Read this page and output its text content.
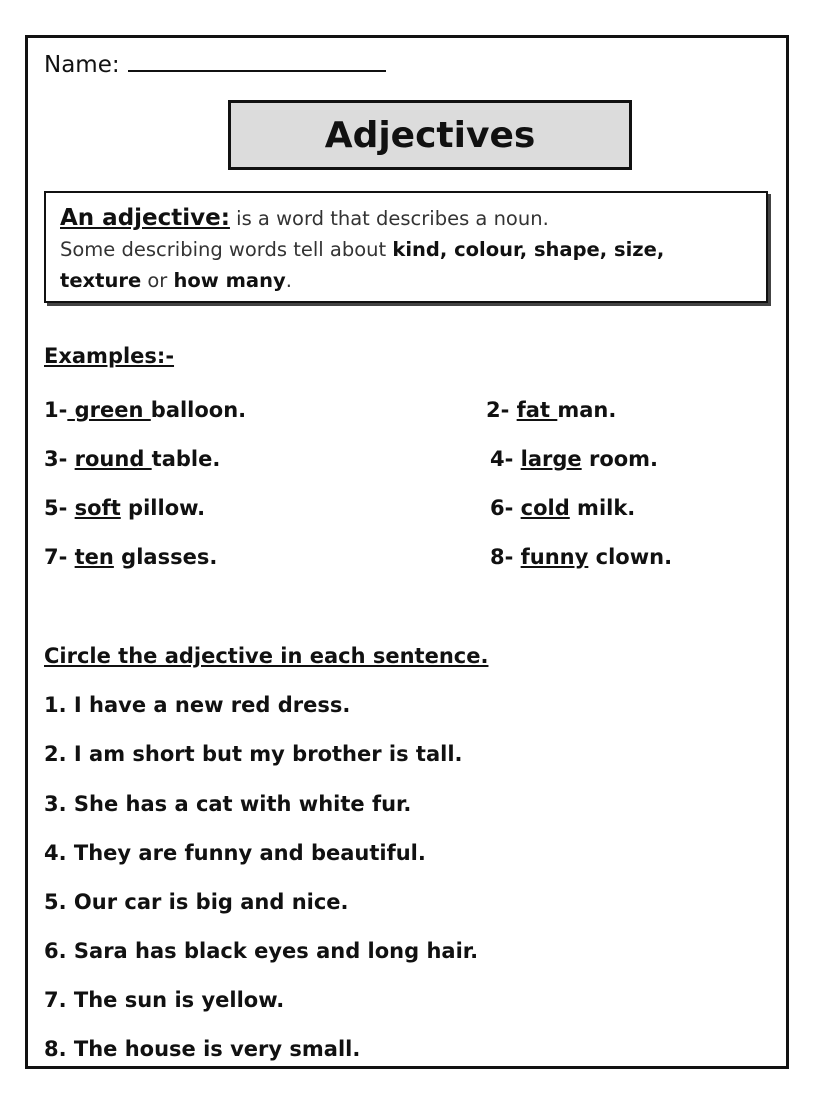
Name:
Adjectives
An adjective: is a word that describes a noun.
Some describing words tell about kind, colour, shape, size,
texture or how many.
Examples:-
1- green balloon.	2- fat man.
3- round table.	4- large room.
5- soft pillow.	6- cold milk.
7- ten glasses.	8- funny clown.
Circle the adjective in each sentence.
1. I have a new red dress.
2. I am short but my brother is tall.
3. She has a cat with white fur.
4. They are funny and beautiful.
5. Our car is big and nice.
6. Sara has black eyes and long hair.
7. The sun is yellow.
8. The house is very small.
